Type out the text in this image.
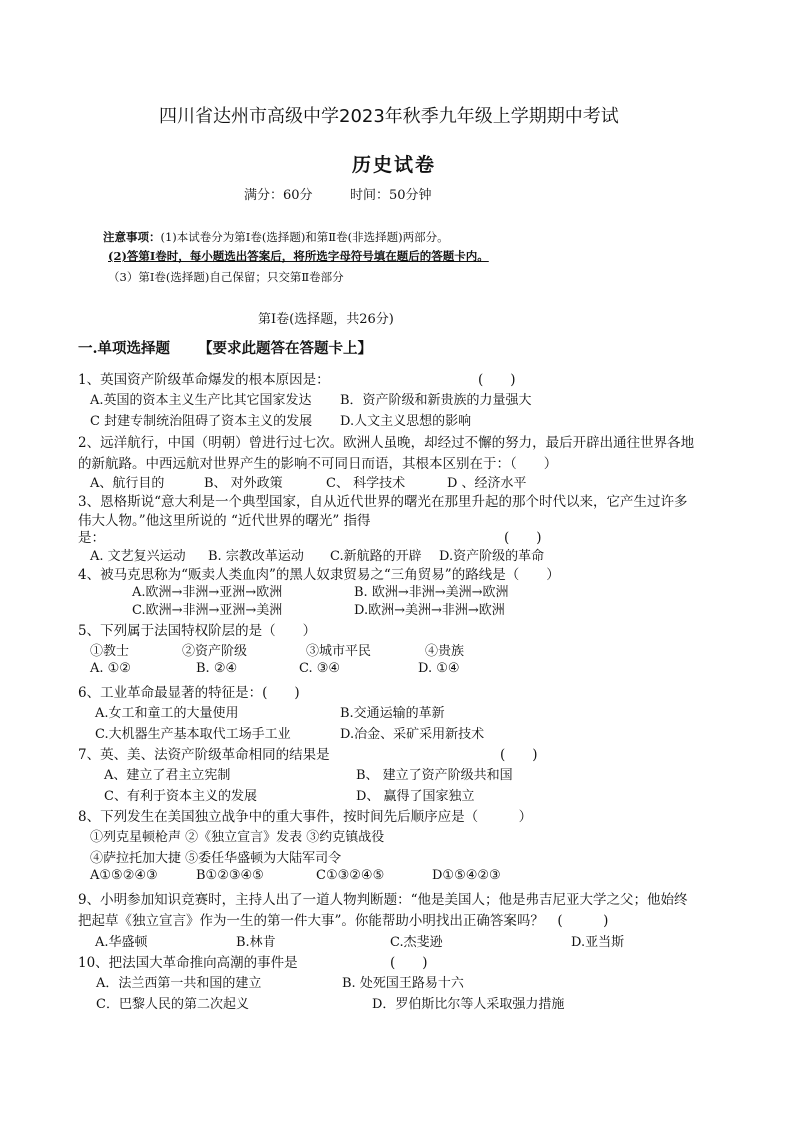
四川省达州市高级中学2023年秋季九年级上学期期中考试
历史试卷
满分：60分	时间：50分钟
注意事项：(1)本试卷分为第Ⅰ卷(选择题)和第Ⅱ卷(非选择题)两部分。
(2)答第Ⅰ卷时，每小题选出答案后，将所选字母符号填在题后的答题卡内。
（3）第Ⅰ卷(选择题)自己保留；只交第Ⅱ卷部分
第Ⅰ卷(选择题，共26分)
一.单项选择题 【要求此题答在答题卡上】
1、英国资产阶级革命爆发的根本原因是：	(　　)
A.英国的资本主义生产比其它国家发达 B．资产阶级和新贵族的力量强大
C 封建专制统治阻碍了资本主义的发展 D.人文主义思想的影响
2、远洋航行，中国（明朝）曾进行过七次。欧洲人虽晚，却经过不懈的努力，最后开辟出通往世界各地
的新航路。中西远航对世界产生的影响不可同日而语，其根本区别在于：（　　）
A、航行目的	B、 对外政策	C、 科学技术	D 、经济水平
3、恩格斯说“意大利是一个典型国家，自从近代世界的曙光在那里升起的那个时代以来，它产生过许多
伟大人物。”他这里所说的 “近代世界的曙光” 指得
是：	(　　)
A. 文艺复兴运动 B. 宗教改革运动 C.新航路的开辟 D.资产阶级的革命
4、被马克思称为“贩卖人类血肉”的黑人奴隶贸易之“三角贸易”的路线是（　　）
A.欧洲→非洲→亚洲→欧洲	B. 欧洲→非洲→美洲→欧洲
C.欧洲→非洲→亚洲→美洲	D.欧洲→美洲→非洲→欧洲
5、下列属于法国特权阶层的是（　　）
①教士	②资产阶级	③城市平民	④贵族
A. ①②	B. ②④	C. ③④	D. ①④
6、工业革命最显著的特征是：(　　)
A.女工和童工的大量使用	B.交通运输的革新
C.大机器生产基本取代工场手工业	D.冶金、采矿采用新技术
7、英、美、法资产阶级革命相同的结果是	(　　)
A、建立了君主立宪制	B、 建立了资产阶级共和国
C、有利于资本主义的发展	D、 赢得了国家独立
8、下列发生在美国独立战争中的重大事件，按时间先后顺序应是（　　　）
①列克星顿枪声 ②《独立宣言》发表 ③约克镇战役
④萨拉托加大捷 ⑤委任华盛顿为大陆军司令
A①⑤②④③	B①②③④⑤	C①③②④⑤	D①⑤④②③
9、小明参加知识竞赛时，主持人出了一道人物判断题：“他是美国人；他是弗吉尼亚大学之父；他始终
把起草《独立宣言》作为一生的第一件大事”。你能帮助小明找出正确答案吗？　(　　　)
A.华盛顿	B.林肯	C.杰斐逊	D.亚当斯
10、把法国大革命推向高潮的事件是	(　　)
A．法兰西第一共和国的建立	B. 处死国王路易十六
C．巴黎人民的第二次起义	D．罗伯斯比尔等人采取强力措施
